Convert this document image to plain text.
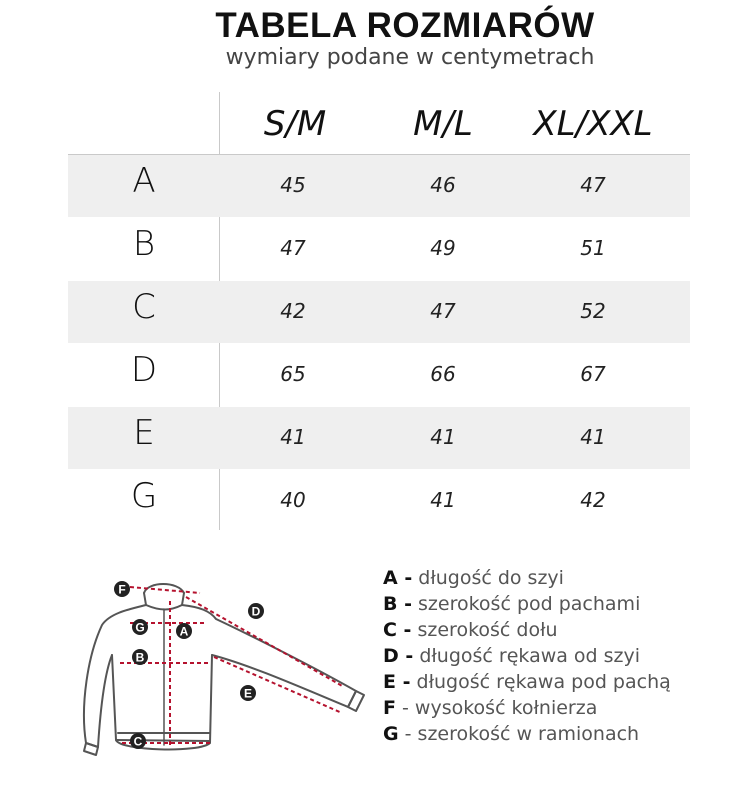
TABELA ROZMIARÓW
wymiary podane w centymetrach
S/M	M/L	XL/XXL
A	45	46	47
B	47	49	51
C	42	47	52
D	65	66	67
E	41	41	41
G	40	41	42
F
D
G	A
B
E
C
A - długość do szyi
B - szerokość pod pachami
C - szerokość dołu
D - długość rękawa od szyi
E - długość rękawa pod pachą
F - wysokość kołnierza
G - szerokość w ramionach
